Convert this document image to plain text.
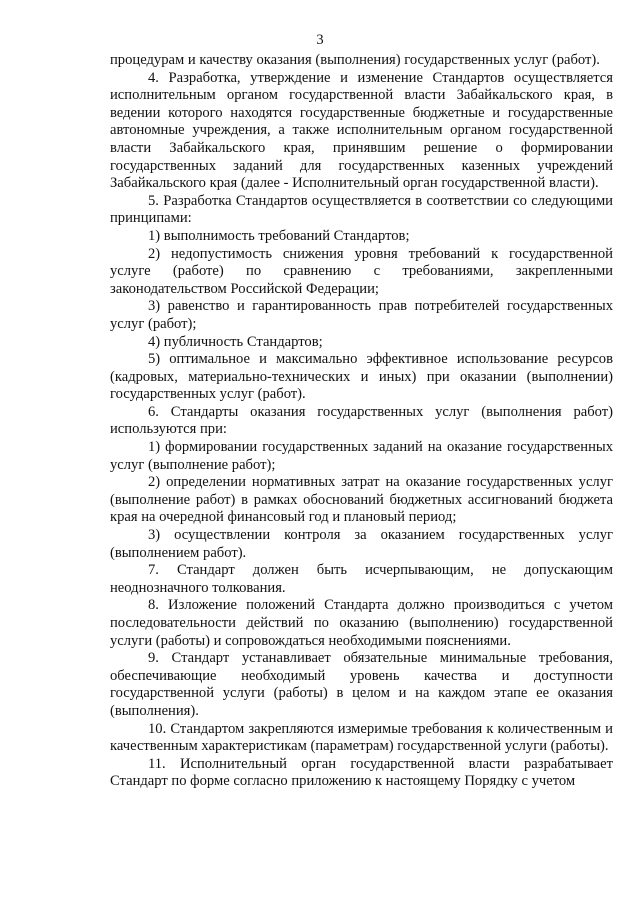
3

процедурам и качеству оказания (выполнения) государственных услуг (работ).

4. Разработка, утверждение и изменение Стандартов осуществляется исполнительным органом государственной власти Забайкальского края, в ведении которого находятся государственные бюджетные и государственные автономные учреждения, а также исполнительным органом государственной власти Забайкальского края, принявшим решение о формировании государственных заданий для государственных казенных учреждений Забайкальского края (далее - Исполнительный орган государственной власти).

5. Разработка Стандартов осуществляется в соответствии со следующими принципами:

1) выполнимость требований Стандартов;

2) недопустимость снижения уровня требований к государственной услуге (работе) по сравнению с требованиями, закрепленными законодательством Российской Федерации;

3) равенство и гарантированность прав потребителей государственных услуг (работ);

4) публичность Стандартов;

5) оптимальное и максимально эффективное использование ресурсов (кадровых, материально-технических и иных) при оказании (выполнении) государственных услуг (работ).

6. Стандарты оказания государственных услуг (выполнения работ) используются при:

1) формировании государственных заданий на оказание государственных услуг (выполнение работ);

2) определении нормативных затрат на оказание государственных услуг (выполнение работ) в рамках обоснований бюджетных ассигнований бюджета края на очередной финансовый год и плановый период;

3) осуществлении контроля за оказанием государственных услуг (выполнением работ).

7. Стандарт должен быть исчерпывающим, не допускающим неоднозначного толкования.

8. Изложение положений Стандарта должно производиться с учетом последовательности действий по оказанию (выполнению) государственной услуги (работы) и сопровождаться необходимыми пояснениями.

9. Стандарт устанавливает обязательные минимальные требования, обеспечивающие необходимый уровень качества и доступности государственной услуги (работы) в целом и на каждом этапе ее оказания (выполнения).

10. Стандартом закрепляются измеримые требования к количественным и качественным характеристикам (параметрам) государственной услуги (работы).

11. Исполнительный орган государственной власти разрабатывает Стандарт по форме согласно приложению к настоящему Порядку с учетом
